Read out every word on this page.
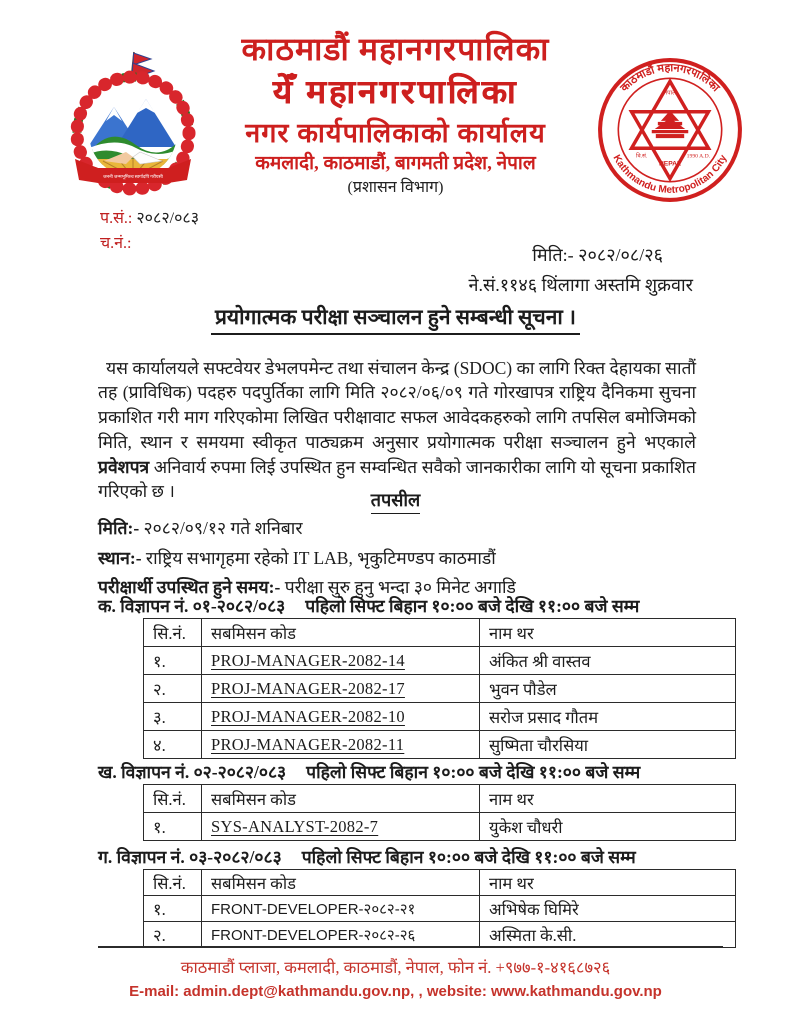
जननी जन्मभूमिश्च स्वर्गादपि गरीयसी
काठमाडौं महानगरपालिका
Kathmandu Metropolitan City
नेपाल
वि.सं.	1990 A.D.
NEPAL
काठमाडौं महानगरपालिका
येँ महानगरपालिका
नगर कार्यपालिकाको कार्यालय
कमलादी, काठमाडौं, बागमती प्रदेश, नेपाल
(प्रशासन विभाग)
प.सं.: २०८२/०८३
च.नं.:
मिति:- २०८२/०८/२६
ने.सं.११४६ थिंलागा अस्तमि शुक्रवार
प्रयोगात्मक परीक्षा सञ्चालन हुने सम्बन्धी सूचना ।

यस कार्यालयले सफ्टवेयर डेभलपमेन्ट तथा संचालन केन्द्र (SDOC) का लागि रिक्त देहायका सातौं तह (प्राविधिक) पदहरु पदपुर्तिका लागि मिति २०८२/०६/०९ गते गोरखापत्र राष्ट्रिय दैनिकमा सुचना प्रकाशित गरी माग गरिएकोमा लिखित परीक्षावाट सफल आवेदकहरुको लागि तपसिल बमोजिमको मिति, स्थान र समयमा स्वीकृत पाठ्यक्रम अनुसार प्रयोगात्मक परीक्षा सञ्चालन हुने भएकाले प्रवेशपत्र अनिवार्य रुपमा लिई उपस्थित हुन सम्वन्धित सवैको जानकारीका लागि यो सूचना प्रकाशित गरिएको छ ।	तपसील
मिति:- २०८२/०९/१२ गते शनिबार
स्थान:- राष्ट्रिय सभागृहमा रहेको IT LAB, भृकुटिमण्डप काठमाडौं
परीक्षार्थी उपस्थित हुने समय:- परीक्षा सुरु हुनु भन्दा ३० मिनेट अगाडि
क. विज्ञापन नं. ०१-२०८२/०८३ पहिलो सिफ्ट बिहान १०:०० बजे देखि ११:०० बजे सम्म
सि.नं.	सबमिसन कोड	नाम थर
१.	PROJ-MANAGER-2082-14	अंकित श्री वास्तव
२.	PROJ-MANAGER-2082-17	भुवन पौडेल
३.	PROJ-MANAGER-2082-10	सरोज प्रसाद गौतम
४.	PROJ-MANAGER-2082-11	सुष्मिता चौरसिया
ख. विज्ञापन नं. ०२-२०८२/०८३ पहिलो सिफ्ट बिहान १०:०० बजे देखि ११:०० बजे सम्म
सि.नं.	सबमिसन कोड	नाम थर
१.	SYS-ANALYST-2082-7	युकेश चौधरी
ग. विज्ञापन नं. ०३-२०८२/०८३ पहिलो सिफ्ट बिहान १०:०० बजे देखि ११:०० बजे सम्म
सि.नं.	सबमिसन कोड	नाम थर
१.	FRONT-DEVELOPER-२०८२-२१	अभिषेक घिमिरे
२.	FRONT-DEVELOPER-२०८२-२६	अस्मिता के.सी.
काठमाडौं प्लाजा, कमलादी, काठमाडौं, नेपाल, फोन नं. +९७७-१-४१६८७२६
E-mail: admin.dept@kathmandu.gov.np, , website: www.kathmandu.gov.np
